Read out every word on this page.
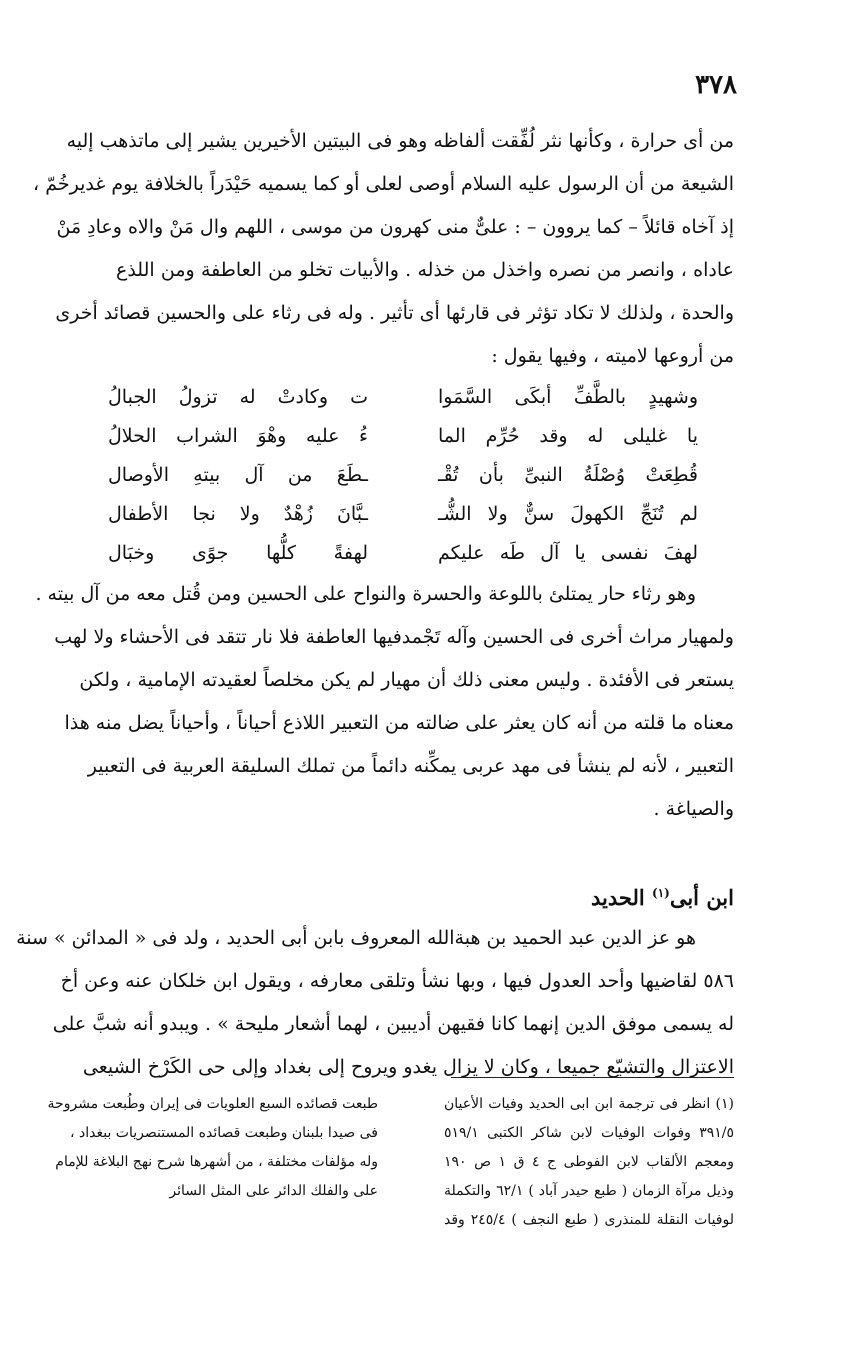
٣٧٨
من أى حرارة ، وكأنها نثر لُفِّقت ألفاظه وهو فى البيتين الأخيرين يشير إلى ماتذهب إليه
الشيعة من أن الرسول عليه السلام أوصى لعلى أو كما يسميه حَيْدَراً بالخلافة يوم غديرخُمّ ،
إذ آخاه قائلاً – كما يروون – : علىٌّ منى كهرون من موسى ، اللهم وال مَنْ والاه وعادِ مَنْ
عاداه ، وانصر من نصره واخذل من خذله . والأبيات تخلو من العاطفة ومن اللذع
والحدة ، ولذلك لا تكاد تؤثر فى قارئها أى تأثير . وله فى رثاء على والحسين قصائد أخرى
من أروعها لاميته ، وفيها يقول :
وشهيدٍ بالطَّفِّ أبكَى السَّمَوا
ت وكادتْ له تزولُ الجبالُ
يا غليلى له وقد حُرِّم الما
ءُ عليه وهْوَ الشراب الحلالُ
قُطِعَتْ وُصْلَةُ النبىِّ بأن تُقْـ
ـطَعَ من آل بيتهِ الأوصال
لم تُنَجِّ الكهولَ سنٌّ ولا الشُّـ
ـبَّانَ زُهْدٌ ولا نجا الأطفال
لهفَ نفسى يا آل طَه عليكم
لهفةً كلُّها جوًى وخبَال
وهو رثاء حار يمتلئ باللوعة والحسرة والنواح على الحسين ومن قُتل معه من آل بيته .
ولمهيار مراث أخرى فى الحسين وآله تَجْمدفيها العاطفة فلا نار تتقد فى الأحشاء ولا لهب
يستعر فى الأفئدة . وليس معنى ذلك أن مهيار لم يكن مخلصاً لعقيدته الإمامية ، ولكن
معناه ما قلته من أنه كان يعثر على ضالته من التعبير اللاذع أحياناً ، وأحياناً يضل منه هذا
التعبير ، لأنه لم ينشأ فى مهد عربى يمكِّنه دائماً من تملك السليقة العربية فى التعبير
والصياغة .
ابن أبى$^{(١)}$ الحديد
هو عز الدين عبد الحميد بن هبةالله المعروف بابن أبى الحديد ، ولد فى « المدائن » سنة
٥٨٦ لقاضيها وأحد العدول فيها ، وبها نشأ وتلقى معارفه ، ويقول ابن خلكان عنه وعن أخ
له يسمى موفق الدين إنهما كانا فقيهن أديبين ، لهما أشعار مليحة » . ويبدو أنه شبَّ على
الاعتزال والتشيّع جميعا ، وكان لا يزال يغدو ويروح إلى بغداد وإلى حى الكَرْخ الشيعى
(١) انظر فى ترجمة ابن ابى الحديد وفيات الأعيان
٣٩١/٥ وفوات الوفيات لابن شاكر الكتبى ٥١٩/١
ومعجم الألقاب لابن الفوطى ج ٤ ق ١ ص ١٩٠
وذيل مرآة الزمان ( طبع حيدر آباد ) ٦٢/١ والتكملة
لوفيات النقلة للمنذرى ( طبع النجف ) ٢٤٥/٤ وقد
طبعت قصائده السبع العلويات فى إيران وطُبعت مشروحة
فى صيدا بلبنان وطبعت قصائده المستنصريات ببغداد ،
وله مؤلفات مختلفة ، من أشهرها شرح نهج البلاغة للإمام
على والفلك الدائر على المثل السائر
